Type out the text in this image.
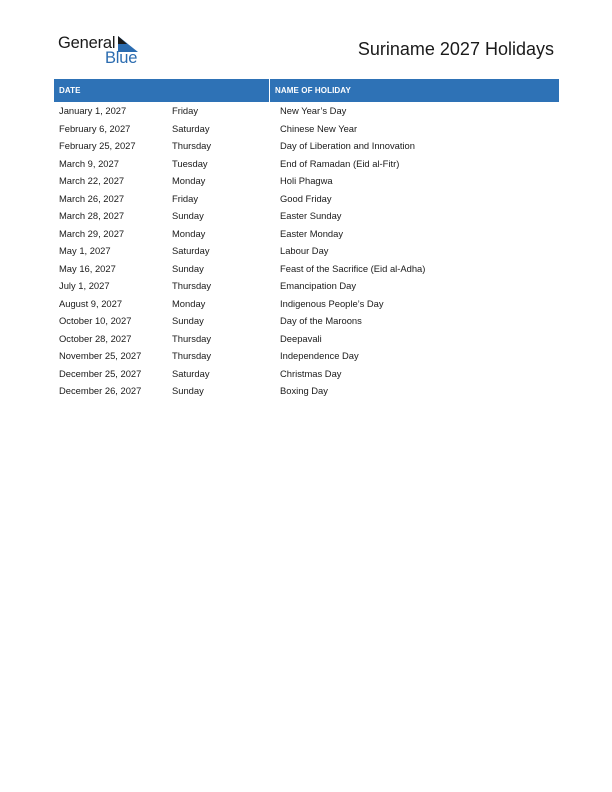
General
Blue	Suriname 2027 Holidays
DATE	NAME OF HOLIDAY
January 1, 2027	Friday	New Year’s Day
February 6, 2027	Saturday	Chinese New Year
February 25, 2027	Thursday	Day of Liberation and Innovation
March 9, 2027	Tuesday	End of Ramadan (Eid al-Fitr)
March 22, 2027	Monday	Holi Phagwa
March 26, 2027	Friday	Good Friday
March 28, 2027	Sunday	Easter Sunday
March 29, 2027	Monday	Easter Monday
May 1, 2027	Saturday	Labour Day
May 16, 2027	Sunday	Feast of the Sacrifice (Eid al-Adha)
July 1, 2027	Thursday	Emancipation Day
August 9, 2027	Monday	Indigenous People’s Day
October 10, 2027	Sunday	Day of the Maroons
October 28, 2027	Thursday	Deepavali
November 25, 2027	Thursday	Independence Day
December 25, 2027	Saturday	Christmas Day
December 26, 2027	Sunday	Boxing Day
